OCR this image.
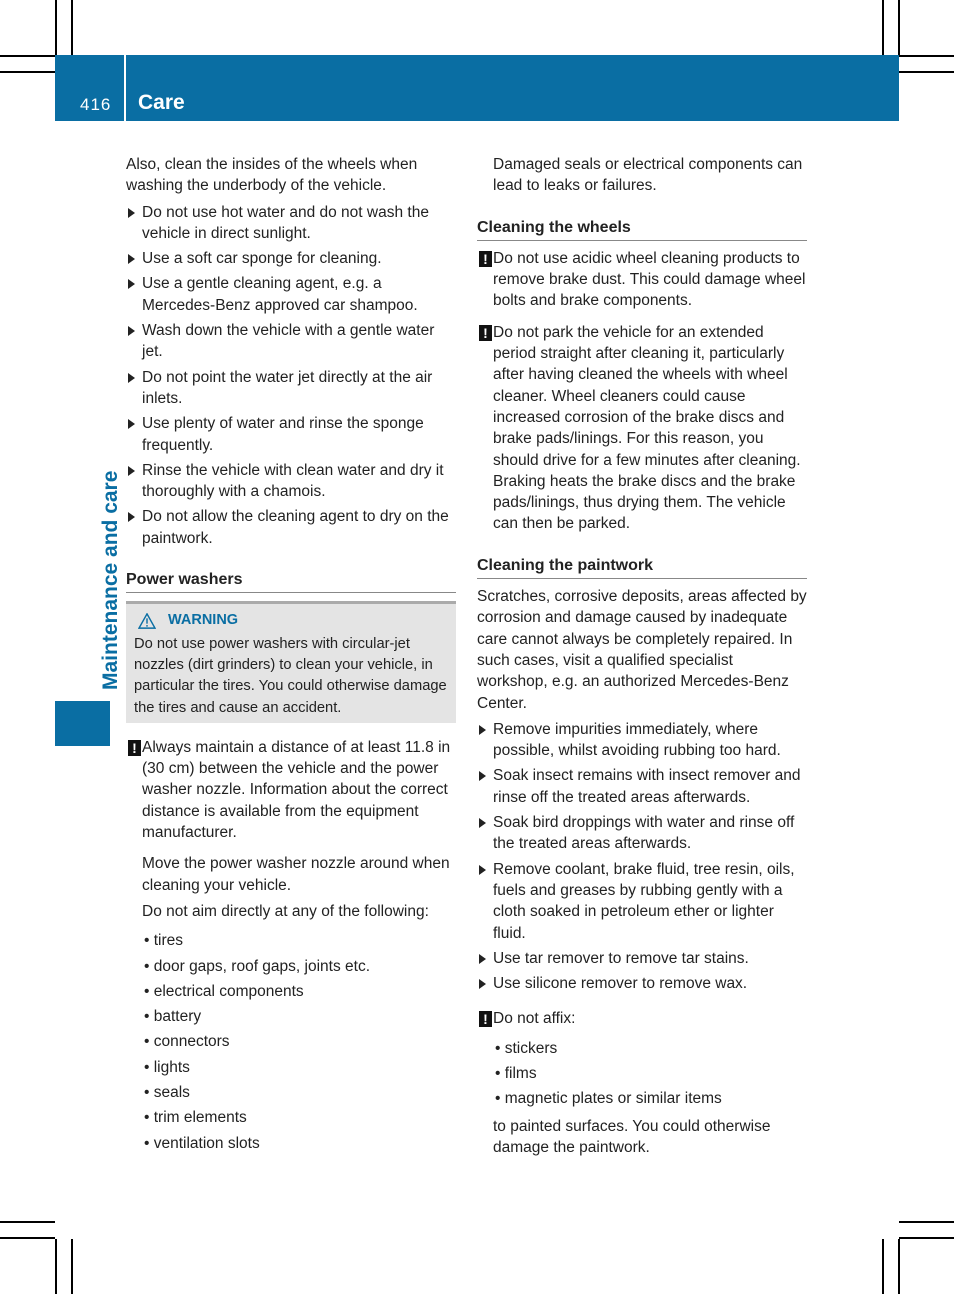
416 Care
Maintenance and care

Also, clean the insides of the wheels when washing the underbody of the vehicle.

Do not use hot water and do not wash the vehicle in direct sunlight.
Use a soft car sponge for cleaning.
Use a gentle cleaning agent, e.g. a Mercedes-Benz approved car shampoo.
Wash down the vehicle with a gentle water jet.
Do not point the water jet directly at the air inlets.
Use plenty of water and rinse the sponge frequently.
Rinse the vehicle with clean water and dry it thoroughly with a chamois.
Do not allow the cleaning agent to dry on the paintwork.
Power washers
WARNING
Do not use power washers with circular-jet nozzles (dirt grinders) to clean your vehicle, in particular the tires. You could otherwise damage the tires and cause an accident.
! Always maintain a distance of at least 11.8 in (30 cm) between the vehicle and the power washer nozzle. Information about the correct distance is available from the equipment manufacturer.

Move the power washer nozzle around when cleaning your vehicle.

Do not aim directly at any of the following:

• tires
• door gaps, roof gaps, joints etc.
• electrical components
• battery
• connectors
• lights
• seals
• trim elements
• ventilation slots

Damaged seals or electrical components can lead to leaks or failures.

Cleaning the wheels
! Do not use acidic wheel cleaning products to remove brake dust. This could damage wheel bolts and brake components.

! Do not park the vehicle for an extended period straight after cleaning it, particularly after having cleaned the wheels with wheel cleaner. Wheel cleaners could cause increased corrosion of the brake discs and brake pads/linings. For this reason, you should drive for a few minutes after cleaning. Braking heats the brake discs and the brake pads/linings, thus drying them. The vehicle can then be parked.

Cleaning the paintwork

Scratches, corrosive deposits, areas affected by corrosion and damage caused by inadequate care cannot always be completely repaired. In such cases, visit a qualified specialist workshop, e.g. an authorized Mercedes-Benz Center.

Remove impurities immediately, where possible, whilst avoiding rubbing too hard.
Soak insect remains with insect remover and rinse off the treated areas afterwards.
Soak bird droppings with water and rinse off the treated areas afterwards.
Remove coolant, brake fluid, tree resin, oils, fuels and greases by rubbing gently with a cloth soaked in petroleum ether or lighter fluid.
Use tar remover to remove tar stains.
Use silicone remover to remove wax.
! Do not affix:

• stickers
• films
• magnetic plates or similar items

to painted surfaces. You could otherwise damage the paintwork.
